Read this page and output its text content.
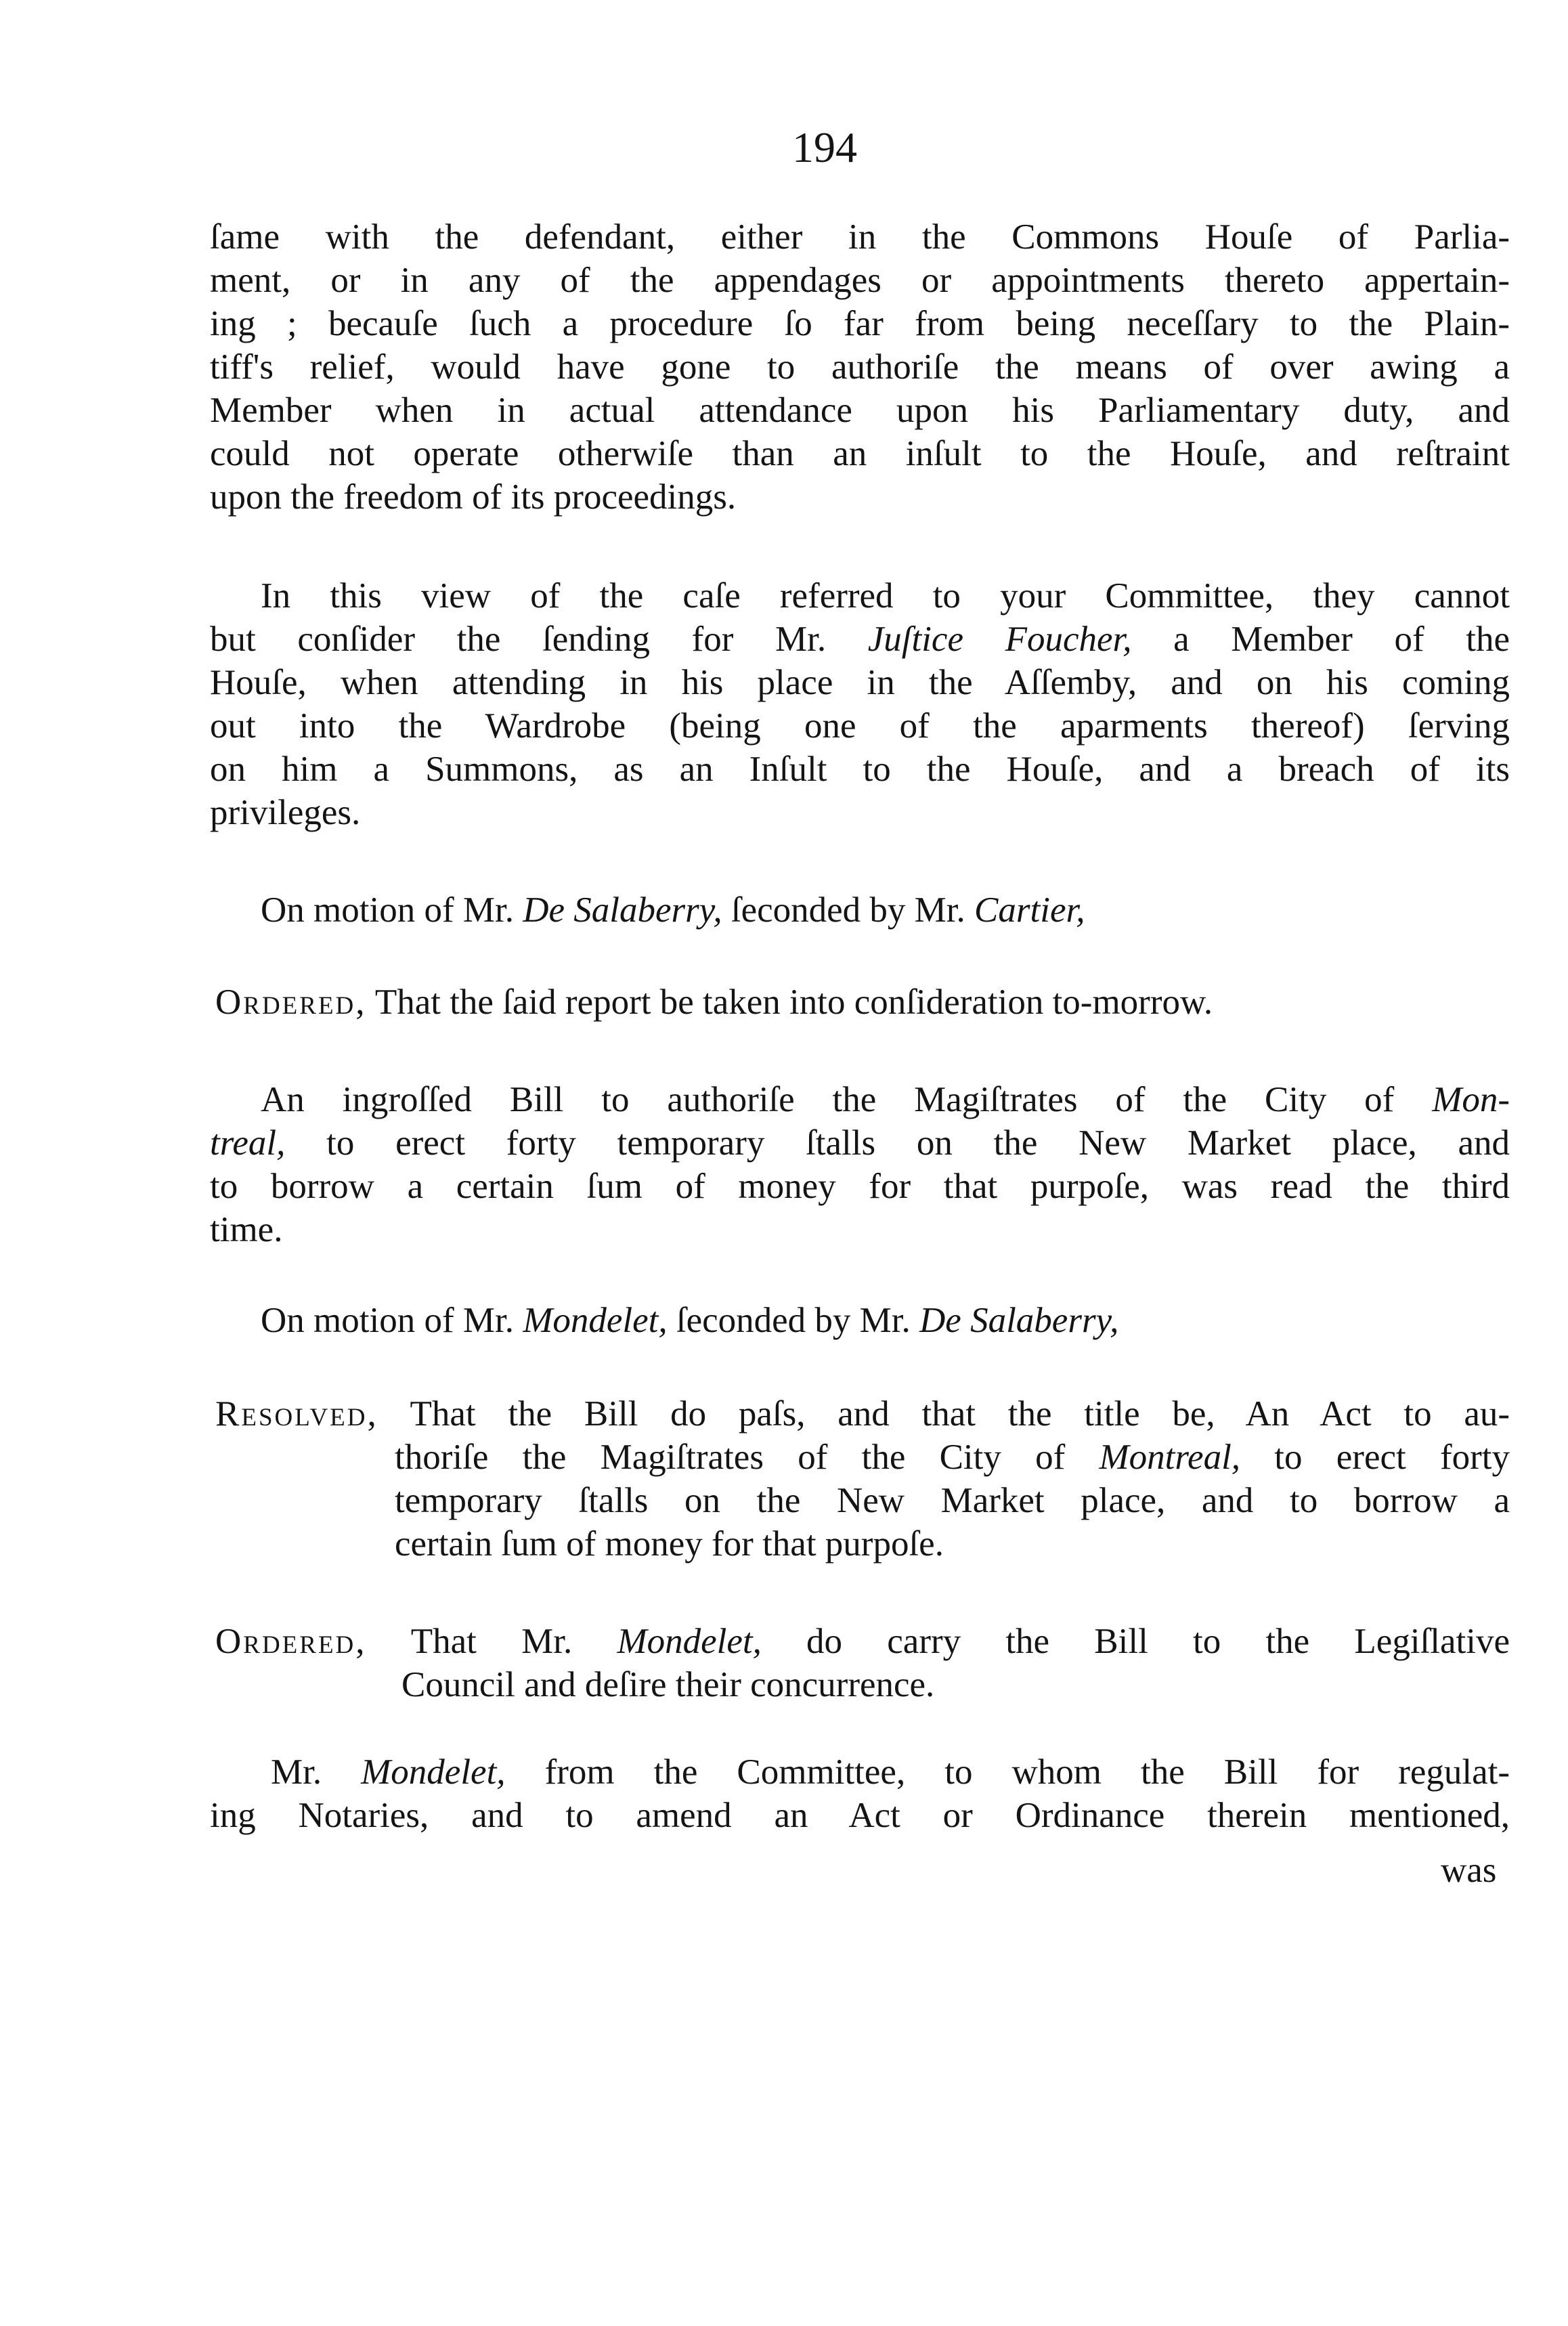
194
ſame with the defendant, either in the Commons Houſe of Parlia-
ment, or in any of the appendages or appointments thereto appertain-
ing ; becauſe ſuch a procedure ſo far from being neceſſary to the Plain-
tiff's relief, would have gone to authoriſe the means of over awing a
Member when in actual attendance upon his Parliamentary duty, and
could not operate otherwiſe than an inſult to the Houſe, and reſtraint
upon the freedom of its proceedings.
In this view of the caſe referred to your Committee, they cannot
but conſider the ſending for Mr. Juſtice Foucher, a Member of the
Houſe, when attending in his place in the Aſſemby, and on his coming
out into the Wardrobe (being one of the aparments thereof) ſerving
on him a Summons, as an Inſult to the Houſe, and a breach of its
privileges.
On motion of Mr. De Salaberry, ſeconded by Mr. Cartier,
Ordered, That the ſaid report be taken into conſideration to-morrow.
An ingroſſed Bill to authoriſe the Magiſtrates of the City of Mon-
treal, to erect forty temporary ſtalls on the New Market place, and
to borrow a certain ſum of money for that purpoſe, was read the third
time.
On motion of Mr. Mondelet, ſeconded by Mr. De Salaberry,
Resolved, That the Bill do paſs, and that the title be, An Act to au-
thoriſe the Magiſtrates of the City of Montreal, to erect forty
temporary ſtalls on the New Market place, and to borrow a
certain ſum of money for that purpoſe.
Ordered, That Mr. Mondelet, do carry the Bill to the Legiſlative
Council and deſire their concurrence.
Mr. Mondelet, from the Committee, to whom the Bill for regulat-
ing Notaries, and to amend an Act or Ordinance therein mentioned,
was
